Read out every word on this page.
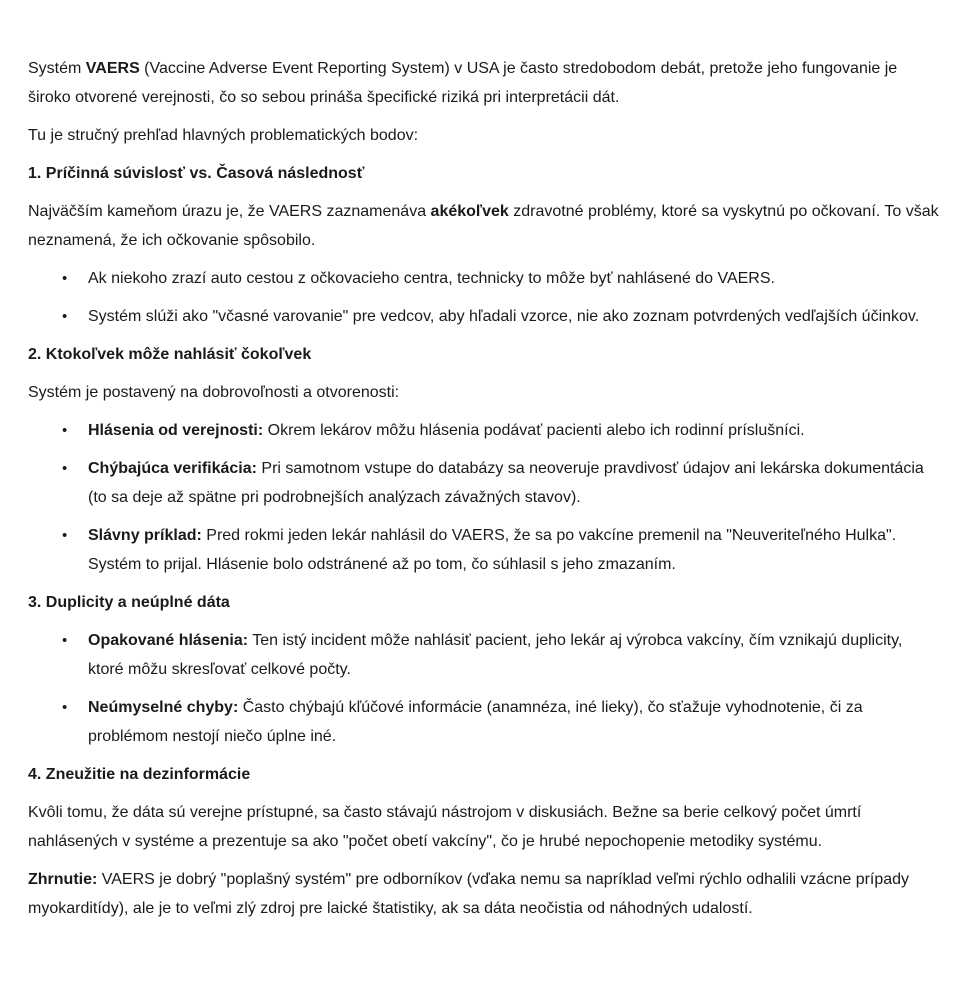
Systém VAERS (Vaccine Adverse Event Reporting System) v USA je často stredobodom debát, pretože jeho fungovanie je široko otvorené verejnosti, čo so sebou prináša špecifické riziká pri interpretácii dát.

Tu je stručný prehľad hlavných problematických bodov:

1. Príčinná súvislosť vs. Časová následnosť

Najväčším kameňom úrazu je, že VAERS zaznamenáva akékoľvek zdravotné problémy, ktoré sa vyskytnú po očkovaní. To však neznamená, že ich očkovanie spôsobilo.

•	Ak niekoho zrazí auto cestou z očkovacieho centra, technicky to môže byť nahlásené do VAERS.
•	Systém slúži ako "včasné varovanie" pre vedcov, aby hľadali vzorce, nie ako zoznam potvrdených vedľajších účinkov.
2. Ktokoľvek môže nahlásiť čokoľvek

Systém je postavený na dobrovoľnosti a otvorenosti:

•	Hlásenia od verejnosti: Okrem lekárov môžu hlásenia podávať pacienti alebo ich rodinní príslušníci.
•	Chýbajúca verifikácia: Pri samotnom vstupe do databázy sa neoveruje pravdivosť údajov ani lekárska dokumentácia (to sa deje až spätne pri podrobnejších analýzach závažných stavov).
•	Slávny príklad: Pred rokmi jeden lekár nahlásil do VAERS, že sa po vakcíne premenil na "Neuveriteľného Hulka". Systém to prijal. Hlásenie bolo odstránené až po tom, čo súhlasil s jeho zmazaním.
3. Duplicity a neúplné dáta
•	Opakované hlásenia: Ten istý incident môže nahlásiť pacient, jeho lekár aj výrobca vakcíny, čím vznikajú duplicity, ktoré môžu skresľovať celkové počty.
•	Neúmyselné chyby: Často chýbajú kľúčové informácie (anamnéza, iné lieky), čo sťažuje vyhodnotenie, či za problémom nestojí niečo úplne iné.
4. Zneužitie na dezinformácie

Kvôli tomu, že dáta sú verejne prístupné, sa často stávajú nástrojom v diskusiách. Bežne sa berie celkový počet úmrtí nahlásených v systéme a prezentuje sa ako "počet obetí vakcíny", čo je hrubé nepochopenie metodiky systému.

Zhrnutie: VAERS je dobrý "poplašný systém" pre odborníkov (vďaka nemu sa napríklad veľmi rýchlo odhalili vzácne prípady myokarditídy), ale je to veľmi zlý zdroj pre laické štatistiky, ak sa dáta neočistia od náhodných udalostí.
